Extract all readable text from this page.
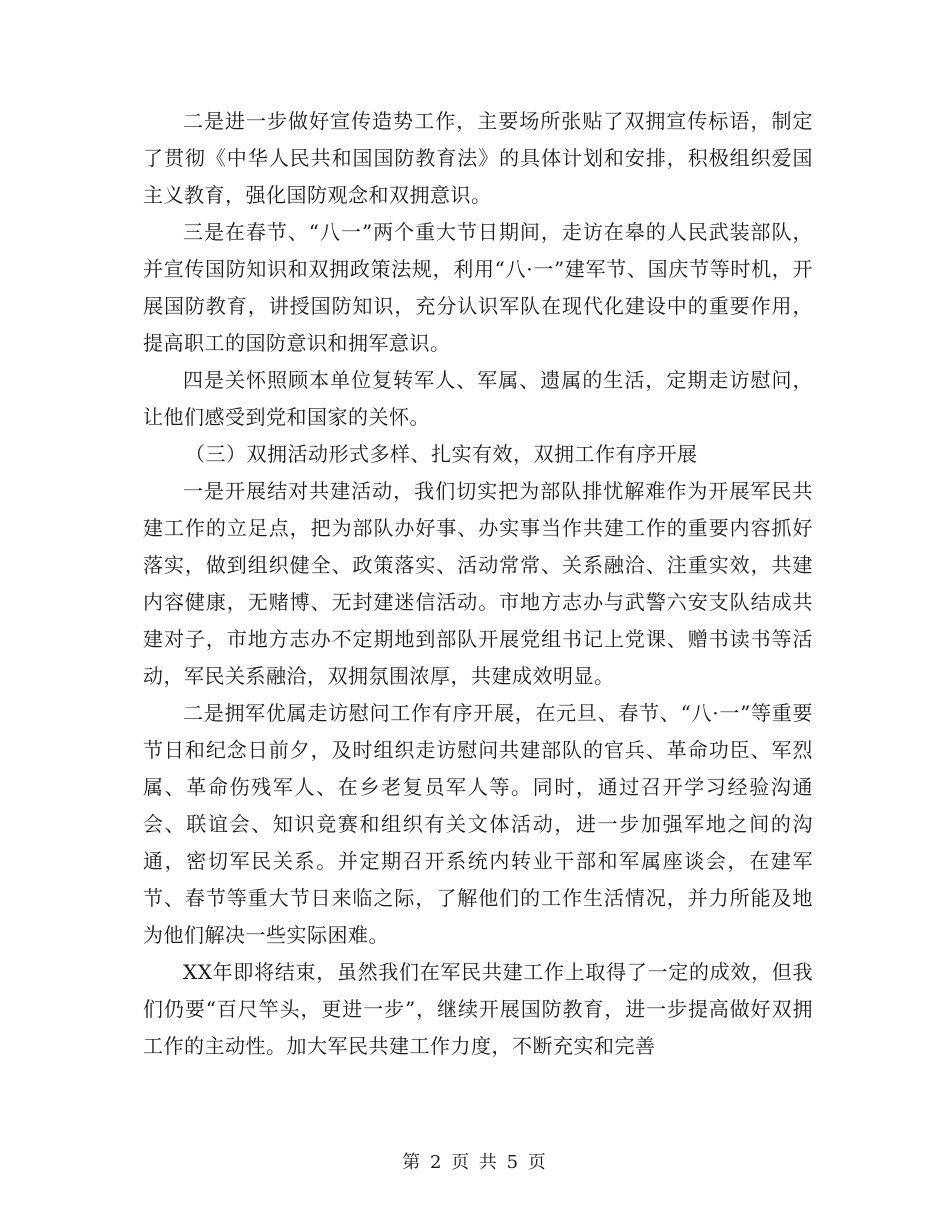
二是进一步做好宣传造势工作，主要场所张贴了双拥宣传标语，制定了贯彻《中华人民共和国国防教育法》的具体计划和安排，积极组织爱国主义教育，强化国防观念和双拥意识。

三是在春节、“八一”两个重大节日期间，走访在皋的人民武装部队，并宣传国防知识和双拥政策法规，利用“八·一”建军节、国庆节等时机，开展国防教育，讲授国防知识，充分认识军队在现代化建设中的重要作用，提高职工的国防意识和拥军意识。

四是关怀照顾本单位复转军人、军属、遗属的生活，定期走访慰问，让他们感受到党和国家的关怀。

（三）双拥活动形式多样、扎实有效，双拥工作有序开展

一是开展结对共建活动，我们切实把为部队排忧解难作为开展军民共建工作的立足点，把为部队办好事、办实事当作共建工作的重要内容抓好落实，做到组织健全、政策落实、活动常常、关系融洽、注重实效，共建内容健康，无赌博、无封建迷信活动。市地方志办与武警六安支队结成共建对子，市地方志办不定期地到部队开展党组书记上党课、赠书读书等活动，军民关系融洽，双拥氛围浓厚，共建成效明显。

二是拥军优属走访慰问工作有序开展，在元旦、春节、“八·一”等重要节日和纪念日前夕，及时组织走访慰问共建部队的官兵、革命功臣、军烈属、革命伤残军人、在乡老复员军人等。同时，通过召开学习经验沟通会、联谊会、知识竞赛和组织有关文体活动，进一步加强军地之间的沟通，密切军民关系。并定期召开系统内转业干部和军属座谈会，在建军节、春节等重大节日来临之际，了解他们的工作生活情况，并力所能及地为他们解决一些实际困难。

XX年即将结束，虽然我们在军民共建工作上取得了一定的成效，但我们仍要“百尺竿头，更进一步”，继续开展国防教育，进一步提高做好双拥工作的主动性。加大军民共建工作力度，不断充实和完善

第 2 页 共 5 页
